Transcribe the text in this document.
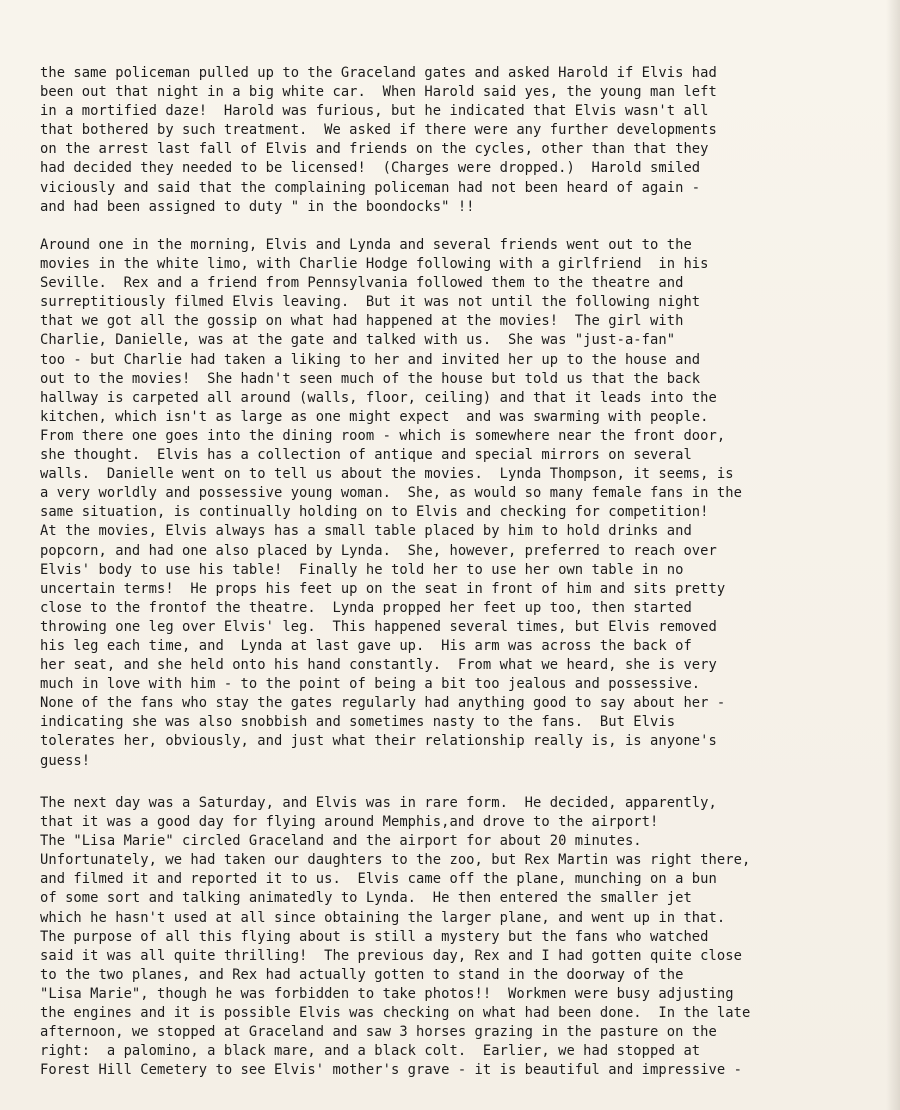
the same policeman pulled up to the Graceland gates and asked Harold if Elvis had
been out that night in a big white car.  When Harold said yes, the young man left
in a mortified daze!  Harold was furious, but he indicated that Elvis wasn't all
that bothered by such treatment.  We asked if there were any further developments
on the arrest last fall of Elvis and friends on the cycles, other than that they
had decided they needed to be licensed!  (Charges were dropped.)  Harold smiled
viciously and said that the complaining policeman had not been heard of again -
and had been assigned to duty " in the boondocks" !!
Around one in the morning, Elvis and Lynda and several friends went out to the
movies in the white limo, with Charlie Hodge following with a girlfriend  in his
Seville.  Rex and a friend from Pennsylvania followed them to the theatre and
surreptitiously filmed Elvis leaving.  But it was not until the following night
that we got all the gossip on what had happened at the movies!  The girl with
Charlie, Danielle, was at the gate and talked with us.  She was "just-a-fan"
too - but Charlie had taken a liking to her and invited her up to the house and
out to the movies!  She hadn't seen much of the house but told us that the back
hallway is carpeted all around (walls, floor, ceiling) and that it leads into the
kitchen, which isn't as large as one might expect  and was swarming with people.
From there one goes into the dining room - which is somewhere near the front door,
she thought.  Elvis has a collection of antique and special mirrors on several
walls.  Danielle went on to tell us about the movies.  Lynda Thompson, it seems, is
a very worldly and possessive young woman.  She, as would so many female fans in the
same situation, is continually holding on to Elvis and checking for competition!
At the movies, Elvis always has a small table placed by him to hold drinks and
popcorn, and had one also placed by Lynda.  She, however, preferred to reach over
Elvis' body to use his table!  Finally he told her to use her own table in no
uncertain terms!  He props his feet up on the seat in front of him and sits pretty
close to the frontof the theatre.  Lynda propped her feet up too, then started
throwing one leg over Elvis' leg.  This happened several times, but Elvis removed
his leg each time, and  Lynda at last gave up.  His arm was across the back of
her seat, and she held onto his hand constantly.  From what we heard, she is very
much in love with him - to the point of being a bit too jealous and possessive.
None of the fans who stay the gates regularly had anything good to say about her -
indicating she was also snobbish and sometimes nasty to the fans.  But Elvis
tolerates her, obviously, and just what their relationship really is, is anyone's
guess!
The next day was a Saturday, and Elvis was in rare form.  He decided, apparently,
that it was a good day for flying around Memphis,and drove to the airport!
The "Lisa Marie" circled Graceland and the airport for about 20 minutes.
Unfortunately, we had taken our daughters to the zoo, but Rex Martin was right there,
and filmed it and reported it to us.  Elvis came off the plane, munching on a bun
of some sort and talking animatedly to Lynda.  He then entered the smaller jet
which he hasn't used at all since obtaining the larger plane, and went up in that.
The purpose of all this flying about is still a mystery but the fans who watched
said it was all quite thrilling!  The previous day, Rex and I had gotten quite close
to the two planes, and Rex had actually gotten to stand in the doorway of the
"Lisa Marie", though he was forbidden to take photos!!  Workmen were busy adjusting
the engines and it is possible Elvis was checking on what had been done.  In the late
afternoon, we stopped at Graceland and saw 3 horses grazing in the pasture on the
right:  a palomino, a black mare, and a black colt.  Earlier, we had stopped at
Forest Hill Cemetery to see Elvis' mother's grave - it is beautiful and impressive -
